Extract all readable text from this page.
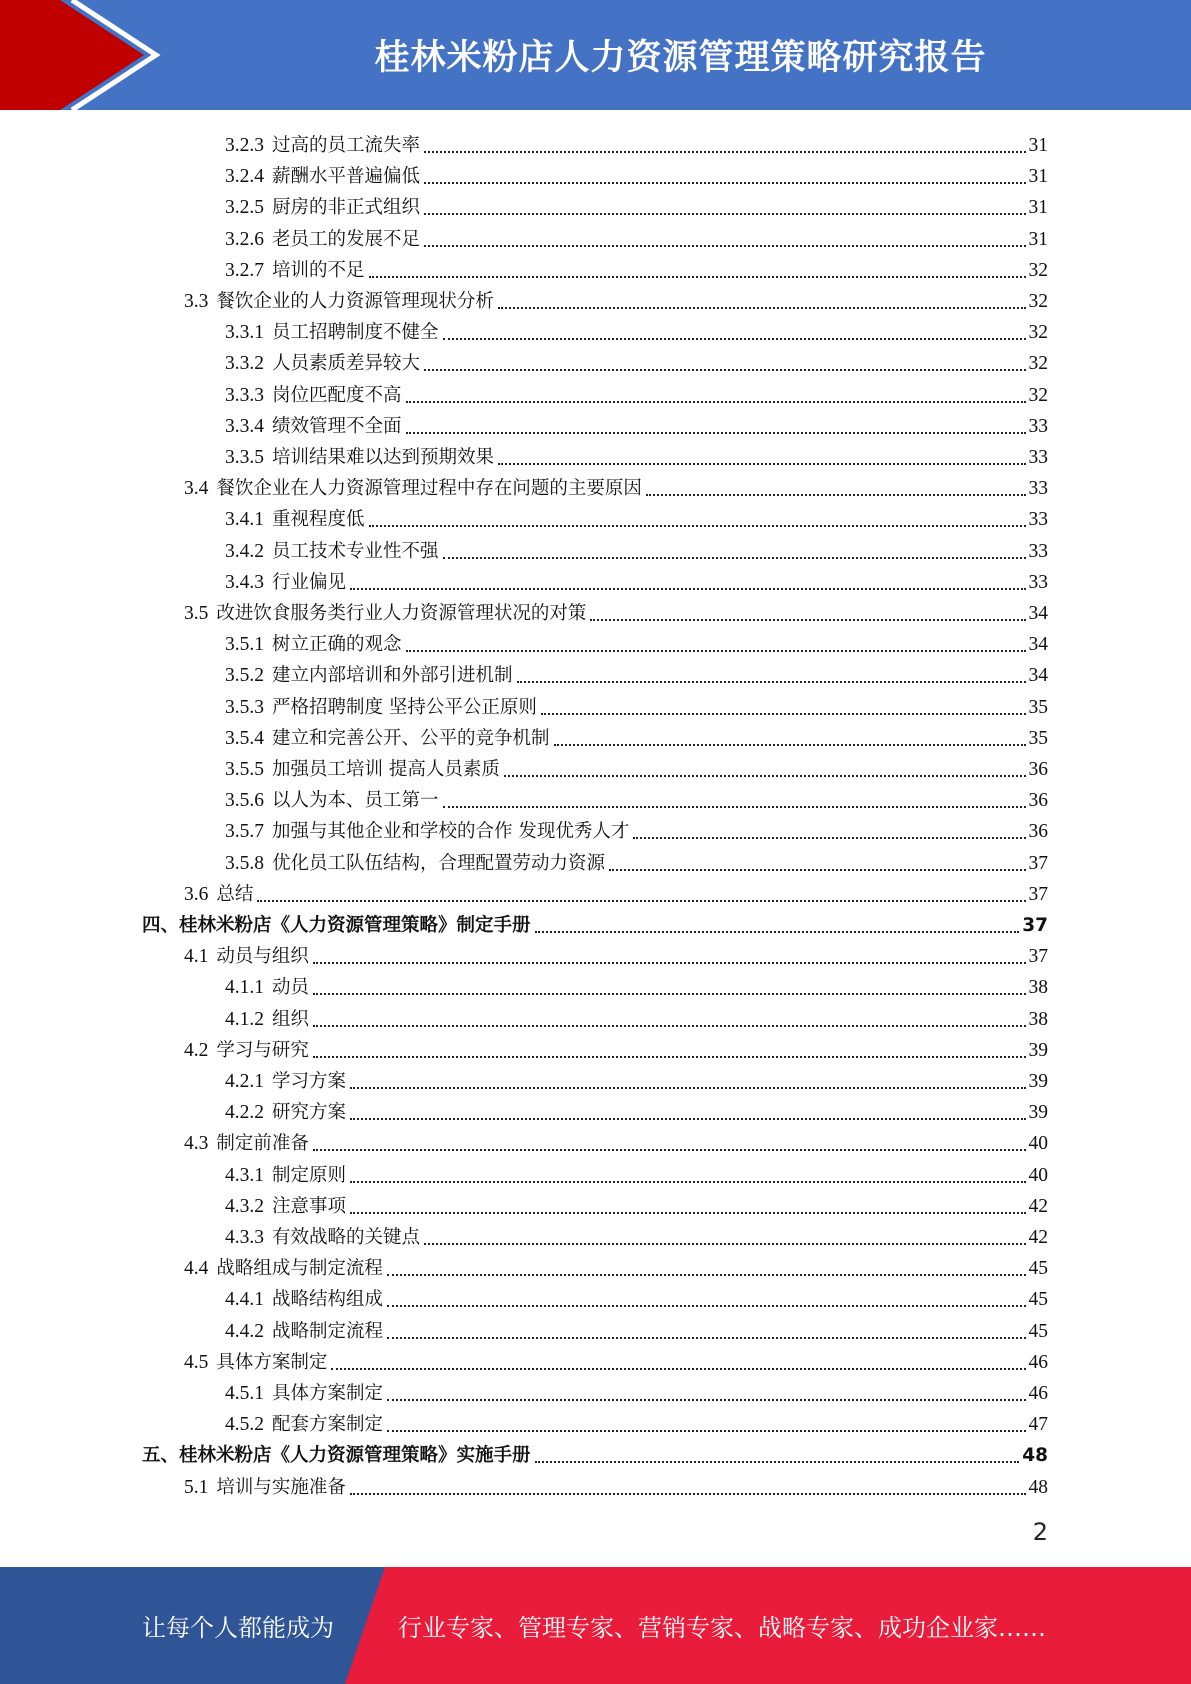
桂林米粉店人力资源管理策略研究报告
3.2.3 过高的员工流失率	31
3.2.4 薪酬水平普遍偏低	31
3.2.5 厨房的非正式组织	31
3.2.6 老员工的发展不足	31
3.2.7 培训的不足	32
3.3 餐饮企业的人力资源管理现状分析	32
3.3.1 员工招聘制度不健全	32
3.3.2 人员素质差异较大	32
3.3.3 岗位匹配度不高	32
3.3.4 绩效管理不全面	33
3.3.5 培训结果难以达到预期效果	33
3.4 餐饮企业在人力资源管理过程中存在问题的主要原因	33
3.4.1 重视程度低	33
3.4.2 员工技术专业性不强	33
3.4.3 行业偏见	33
3.5 改进饮食服务类行业人力资源管理状况的对策	34
3.5.1 树立正确的观念	34
3.5.2 建立内部培训和外部引进机制	34
3.5.3 严格招聘制度 坚持公平公正原则	35
3.5.4 建立和完善公开、公平的竞争机制	35
3.5.5 加强员工培训 提高人员素质	36
3.5.6 以人为本、员工第一	36
3.5.7 加强与其他企业和学校的合作 发现优秀人才	36
3.5.8 优化员工队伍结构，合理配置劳动力资源	37
3.6 总结	37
四、桂林米粉店《人力资源管理策略》制定手册	37
4.1 动员与组织	37
4.1.1 动员	38
4.1.2 组织	38
4.2 学习与研究	39
4.2.1 学习方案	39
4.2.2 研究方案	39
4.3 制定前准备	40
4.3.1 制定原则	40
4.3.2 注意事项	42
4.3.3 有效战略的关键点	42
4.4 战略组成与制定流程	45
4.4.1 战略结构组成	45
4.4.2 战略制定流程	45
4.5 具体方案制定	46
4.5.1 具体方案制定	46
4.5.2 配套方案制定	47
五、桂林米粉店《人力资源管理策略》实施手册	48
5.1 培训与实施准备	48
2
让每个人都能成为	行业专家、管理专家、营销专家、战略专家、成功企业家……
